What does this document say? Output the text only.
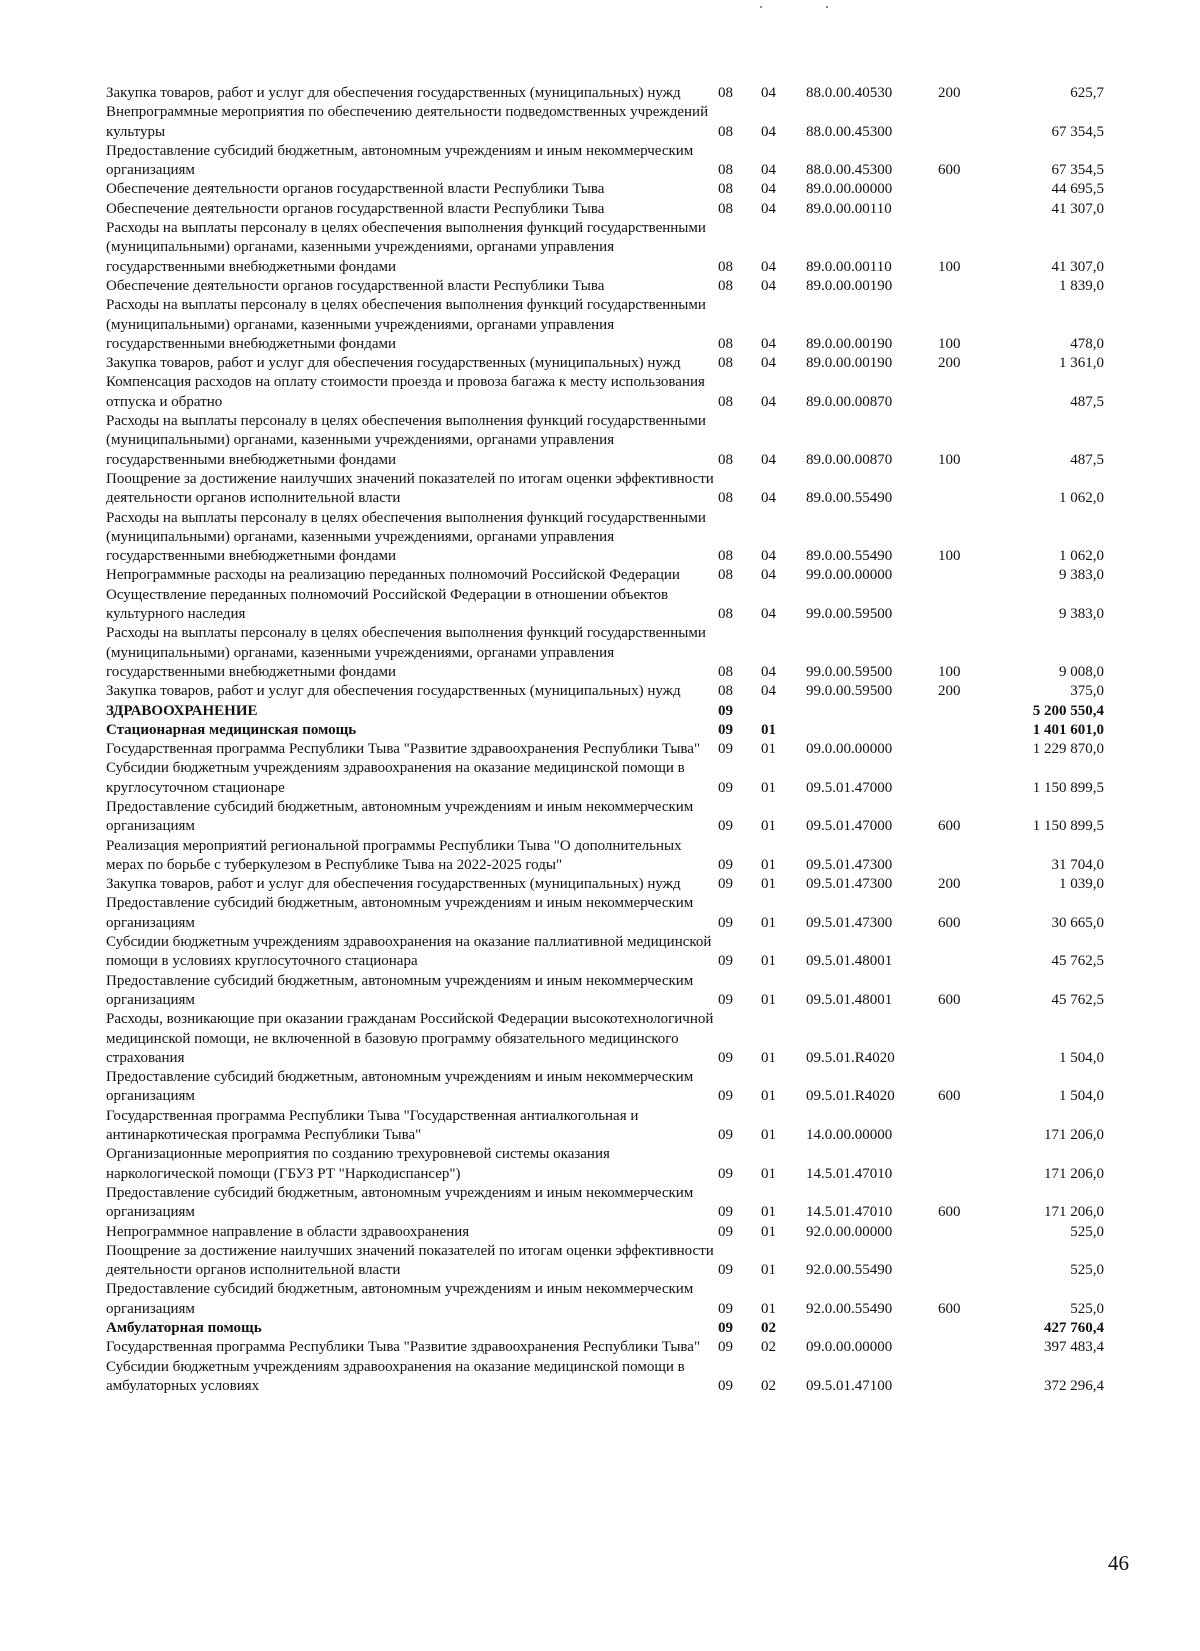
Закупка товаров, работ и услуг для обеспечения государственных (муниципальных) нужд	08	04	88.0.00.40530	200	625,7
Внепрограммные мероприятия по обеспечению деятельности подведомственных учреждений культуры	08	04	88.0.00.45300		67 354,5
Предоставление субсидий бюджетным, автономным учреждениям и иным некоммерческим организациям	08	04	88.0.00.45300	600	67 354,5
Обеспечение деятельности органов государственной власти Республики Тыва	08	04	89.0.00.00000		44 695,5
Обеспечение деятельности органов государственной власти Республики Тыва	08	04	89.0.00.00110		41 307,0
Расходы на выплаты персоналу в целях обеспечения выполнения функций государственными (муниципальными) органами, казенными учреждениями, органами управления государственными внебюджетными фондами	08	04	89.0.00.00110	100	41 307,0
Обеспечение деятельности органов государственной власти Республики Тыва	08	04	89.0.00.00190		1 839,0
Расходы на выплаты персоналу в целях обеспечения выполнения функций государственными (муниципальными) органами, казенными учреждениями, органами управления государственными внебюджетными фондами	08	04	89.0.00.00190	100	478,0
Закупка товаров, работ и услуг для обеспечения государственных (муниципальных) нужд	08	04	89.0.00.00190	200	1 361,0
Компенсация расходов на оплату стоимости проезда и провоза багажа к месту использования отпуска и обратно	08	04	89.0.00.00870		487,5
Расходы на выплаты персоналу в целях обеспечения выполнения функций государственными (муниципальными) органами, казенными учреждениями, органами управления государственными внебюджетными фондами	08	04	89.0.00.00870	100	487,5
Поощрение за достижение наилучших значений показателей по итогам оценки эффективности деятельности органов исполнительной власти	08	04	89.0.00.55490		1 062,0
Расходы на выплаты персоналу в целях обеспечения выполнения функций государственными (муниципальными) органами, казенными учреждениями, органами управления государственными внебюджетными фондами	08	04	89.0.00.55490	100	1 062,0
Непрограммные расходы на реализацию переданных полномочий Российской Федерации	08	04	99.0.00.00000		9 383,0
Осуществление переданных полномочий Российской Федерации в отношении объектов культурного наследия	08	04	99.0.00.59500		9 383,0
Расходы на выплаты персоналу в целях обеспечения выполнения функций государственными (муниципальными) органами, казенными учреждениями, органами управления государственными внебюджетными фондами	08	04	99.0.00.59500	100	9 008,0
Закупка товаров, работ и услуг для обеспечения государственных (муниципальных) нужд	08	04	99.0.00.59500	200	375,0
ЗДРАВООХРАНЕНИЕ	09				5 200 550,4
Стационарная медицинская помощь	09	01			1 401 601,0
Государственная программа Республики Тыва "Развитие здравоохранения Республики Тыва"	09	01	09.0.00.00000		1 229 870,0
Субсидии бюджетным учреждениям здравоохранения на оказание медицинской помощи в круглосуточном стационаре	09	01	09.5.01.47000		1 150 899,5
Предоставление субсидий бюджетным, автономным учреждениям и иным некоммерческим организациям	09	01	09.5.01.47000	600	1 150 899,5
Реализация мероприятий региональной программы Республики Тыва "О дополнительных мерах по борьбе с туберкулезом в Республике Тыва на 2022-2025 годы"	09	01	09.5.01.47300		31 704,0
Закупка товаров, работ и услуг для обеспечения государственных (муниципальных) нужд	09	01	09.5.01.47300	200	1 039,0
Предоставление субсидий бюджетным, автономным учреждениям и иным некоммерческим организациям	09	01	09.5.01.47300	600	30 665,0
Субсидии бюджетным учреждениям здравоохранения на оказание паллиативной медицинской помощи в условиях круглосуточного стационара	09	01	09.5.01.48001		45 762,5
Предоставление субсидий бюджетным, автономным учреждениям и иным некоммерческим организациям	09	01	09.5.01.48001	600	45 762,5
Расходы, возникающие при оказании гражданам Российской Федерации высокотехнологичной медицинской помощи, не включенной в базовую программу обязательного медицинского страхования	09	01	09.5.01.R4020		1 504,0
Предоставление субсидий бюджетным, автономным учреждениям и иным некоммерческим организациям	09	01	09.5.01.R4020	600	1 504,0
Государственная программа Республики Тыва "Государственная антиалкогольная и антинаркотическая программа Республики Тыва"	09	01	14.0.00.00000		171 206,0
Организационные мероприятия по созданию трехуровневой системы оказания наркологической помощи (ГБУЗ РТ "Наркодиспансер")	09	01	14.5.01.47010		171 206,0
Предоставление субсидий бюджетным, автономным учреждениям и иным некоммерческим организациям	09	01	14.5.01.47010	600	171 206,0
Непрограммное направление в области здравоохранения	09	01	92.0.00.00000		525,0
Поощрение за достижение наилучших значений показателей по итогам оценки эффективности деятельности органов исполнительной власти	09	01	92.0.00.55490		525,0
Предоставление субсидий бюджетным, автономным учреждениям и иным некоммерческим организациям	09	01	92.0.00.55490	600	525,0
Амбулаторная помощь	09	02			427 760,4
Государственная программа Республики Тыва "Развитие здравоохранения Республики Тыва"	09	02	09.0.00.00000		397 483,4
Субсидии бюджетным учреждениям здравоохранения на оказание медицинской помощи в амбулаторных условиях	09	02	09.5.01.47100		372 296,4
46
